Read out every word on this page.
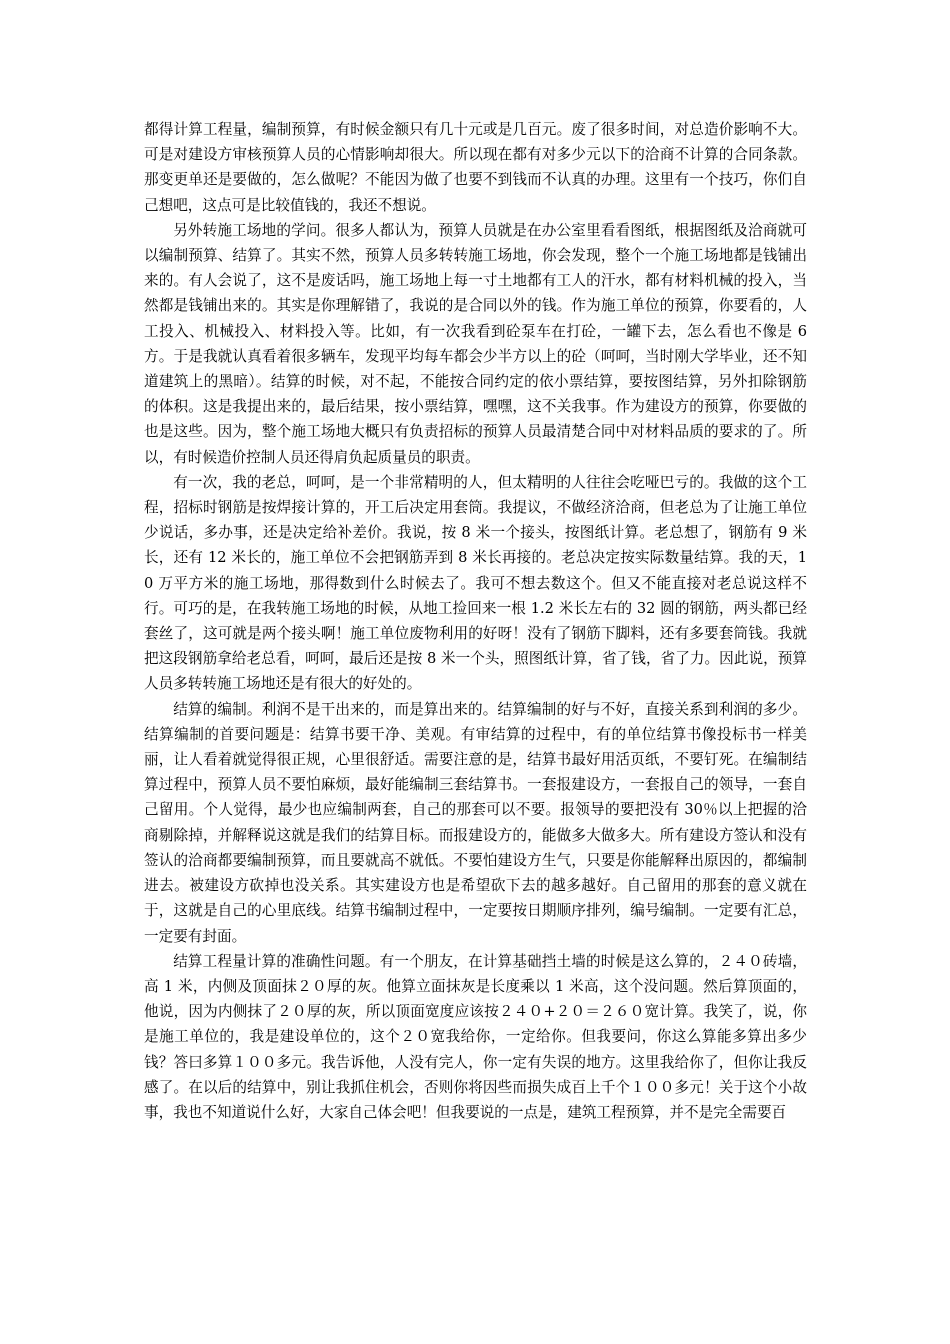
都得计算工程量，编制预算，有时候金额只有几十元或是几百元。废了很多时间，对总造价影响不大。可是对建设方审核预算人员的心情影响却很大。所以现在都有对多少元以下的洽商不计算的合同条款。那变更单还是要做的，怎么做呢？不能因为做了也要不到钱而不认真的办理。这里有一个技巧，你们自己想吧，这点可是比较值钱的，我还不想说。

另外转施工场地的学问。很多人都认为，预算人员就是在办公室里看看图纸，根据图纸及洽商就可以编制预算、结算了。其实不然，预算人员多转转施工场地，你会发现，整个一个施工场地都是钱铺出来的。有人会说了，这不是废话吗，施工场地上每一寸土地都有工人的汗水，都有材料机械的投入，当然都是钱铺出来的。其实是你理解错了，我说的是合同以外的钱。作为施工单位的预算，你要看的，人工投入、机械投入、材料投入等。比如，有一次我看到砼泵车在打砼，一罐下去，怎么看也不像是 6 方。于是我就认真看着很多辆车，发现平均每车都会少半方以上的砼（呵呵，当时刚大学毕业，还不知道建筑上的黑暗）。结算的时候，对不起，不能按合同约定的依小票结算，要按图结算，另外扣除钢筋的体积。这是我提出来的，最后结果，按小票结算，嘿嘿，这不关我事。作为建设方的预算，你要做的也是这些。因为，整个施工场地大概只有负责招标的预算人员最清楚合同中对材料品质的要求的了。所以，有时候造价控制人员还得肩负起质量员的职责。

有一次，我的老总，呵呵，是一个非常精明的人，但太精明的人往往会吃哑巴亏的。我做的这个工程，招标时钢筋是按焊接计算的，开工后决定用套筒。我提议，不做经济洽商，但老总为了让施工单位少说话，多办事，还是决定给补差价。我说，按 8 米一个接头，按图纸计算。老总想了，钢筋有 9 米长，还有 12 米长的，施工单位不会把钢筋弄到 8 米长再接的。老总决定按实际数量结算。我的天，10 万平方米的施工场地，那得数到什么时候去了。我可不想去数这个。但又不能直接对老总说这样不行。可巧的是，在我转施工场地的时候，从地工捡回来一根 1.2 米长左右的 32 圆的钢筋，两头都已经套丝了，这可就是两个接头啊！施工单位废物利用的好呀！没有了钢筋下脚料，还有多要套筒钱。我就把这段钢筋拿给老总看，呵呵，最后还是按 8 米一个头，照图纸计算，省了钱，省了力。因此说，预算人员多转转施工场地还是有很大的好处的。

结算的编制。利润不是干出来的，而是算出来的。结算编制的好与不好，直接关系到利润的多少。结算编制的首要问题是：结算书要干净、美观。有审结算的过程中，有的单位结算书像投标书一样美丽，让人看着就觉得很正规，心里很舒适。需要注意的是，结算书最好用活页纸，不要钉死。在编制结算过程中，预算人员不要怕麻烦，最好能编制三套结算书。一套报建设方，一套报自己的领导，一套自己留用。个人觉得，最少也应编制两套，自己的那套可以不要。报领导的要把没有 30％以上把握的洽商剔除掉，并解释说这就是我们的结算目标。而报建设方的，能做多大做多大。所有建设方签认和没有签认的洽商都要编制预算，而且要就高不就低。不要怕建设方生气，只要是你能解释出原因的，都编制进去。被建设方砍掉也没关系。其实建设方也是希望砍下去的越多越好。自己留用的那套的意义就在于，这就是自己的心里底线。结算书编制过程中，一定要按日期顺序排列，编号编制。一定要有汇总，一定要有封面。

结算工程量计算的准确性问题。有一个朋友，在计算基础挡土墙的时候是这么算的，２４０砖墙，高 1 米，内侧及顶面抹２０厚的灰。他算立面抹灰是长度乘以 1 米高，这个没问题。然后算顶面的，他说，因为内侧抹了２０厚的灰，所以顶面宽度应该按２４０+２０＝２６０宽计算。我笑了，说，你是施工单位的，我是建设单位的，这个２０宽我给你，一定给你。但我要问，你这么算能多算出多少钱？答曰多算１００多元。我告诉他，人没有完人，你一定有失误的地方。这里我给你了，但你让我反感了。在以后的结算中，别让我抓住机会，否则你将因些而损失成百上千个１００多元！关于这个小故事，我也不知道说什么好，大家自己体会吧！但我要说的一点是，建筑工程预算，并不是完全需要百
